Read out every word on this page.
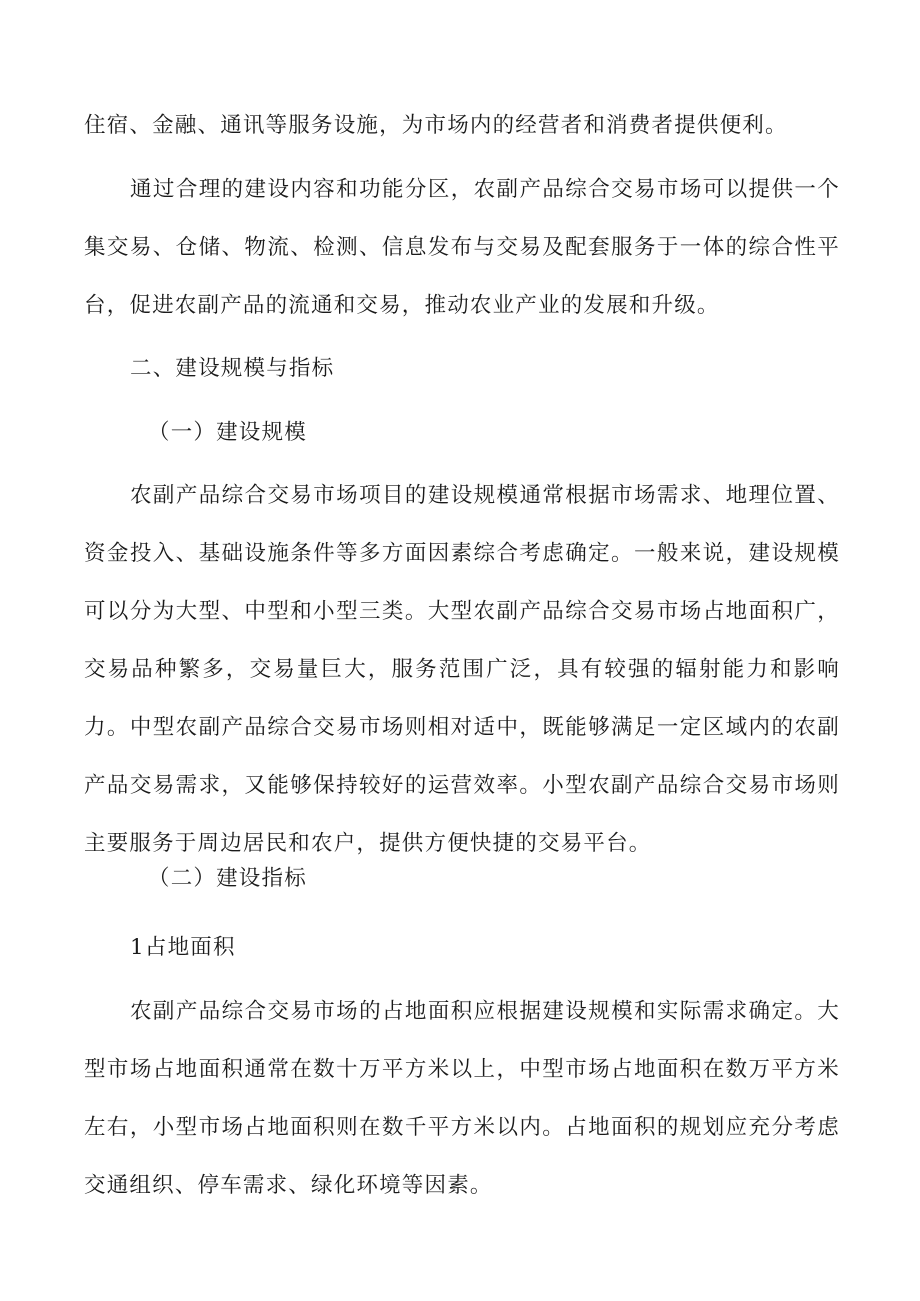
住宿、金融、通讯等服务设施，为市场内的经营者和消费者提供便利。

通过合理的建设内容和功能分区，农副产品综合交易市场可以提供一个集交易、仓储、物流、检测、信息发布与交易及配套服务于一体的综合性平台，促进农副产品的流通和交易，推动农业产业的发展和升级。

二、建设规模与指标
（一）建设规模

农副产品综合交易市场项目的建设规模通常根据市场需求、地理位置、资金投入、基础设施条件等多方面因素综合考虑确定。一般来说，建设规模可以分为大型、中型和小型三类。大型农副产品综合交易市场占地面积广，交易品种繁多，交易量巨大，服务范围广泛，具有较强的辐射能力和影响力。中型农副产品综合交易市场则相对适中，既能够满足一定区域内的农副产品交易需求，又能够保持较好的运营效率。小型农副产品综合交易市场则主要服务于周边居民和农户，提供方便快捷的交易平台。

（二）建设指标
1占地面积

农副产品综合交易市场的占地面积应根据建设规模和实际需求确定。大型市场占地面积通常在数十万平方米以上，中型市场占地面积在数万平方米左右，小型市场占地面积则在数千平方米以内。占地面积的规划应充分考虑交通组织、停车需求、绿化环境等因素。
